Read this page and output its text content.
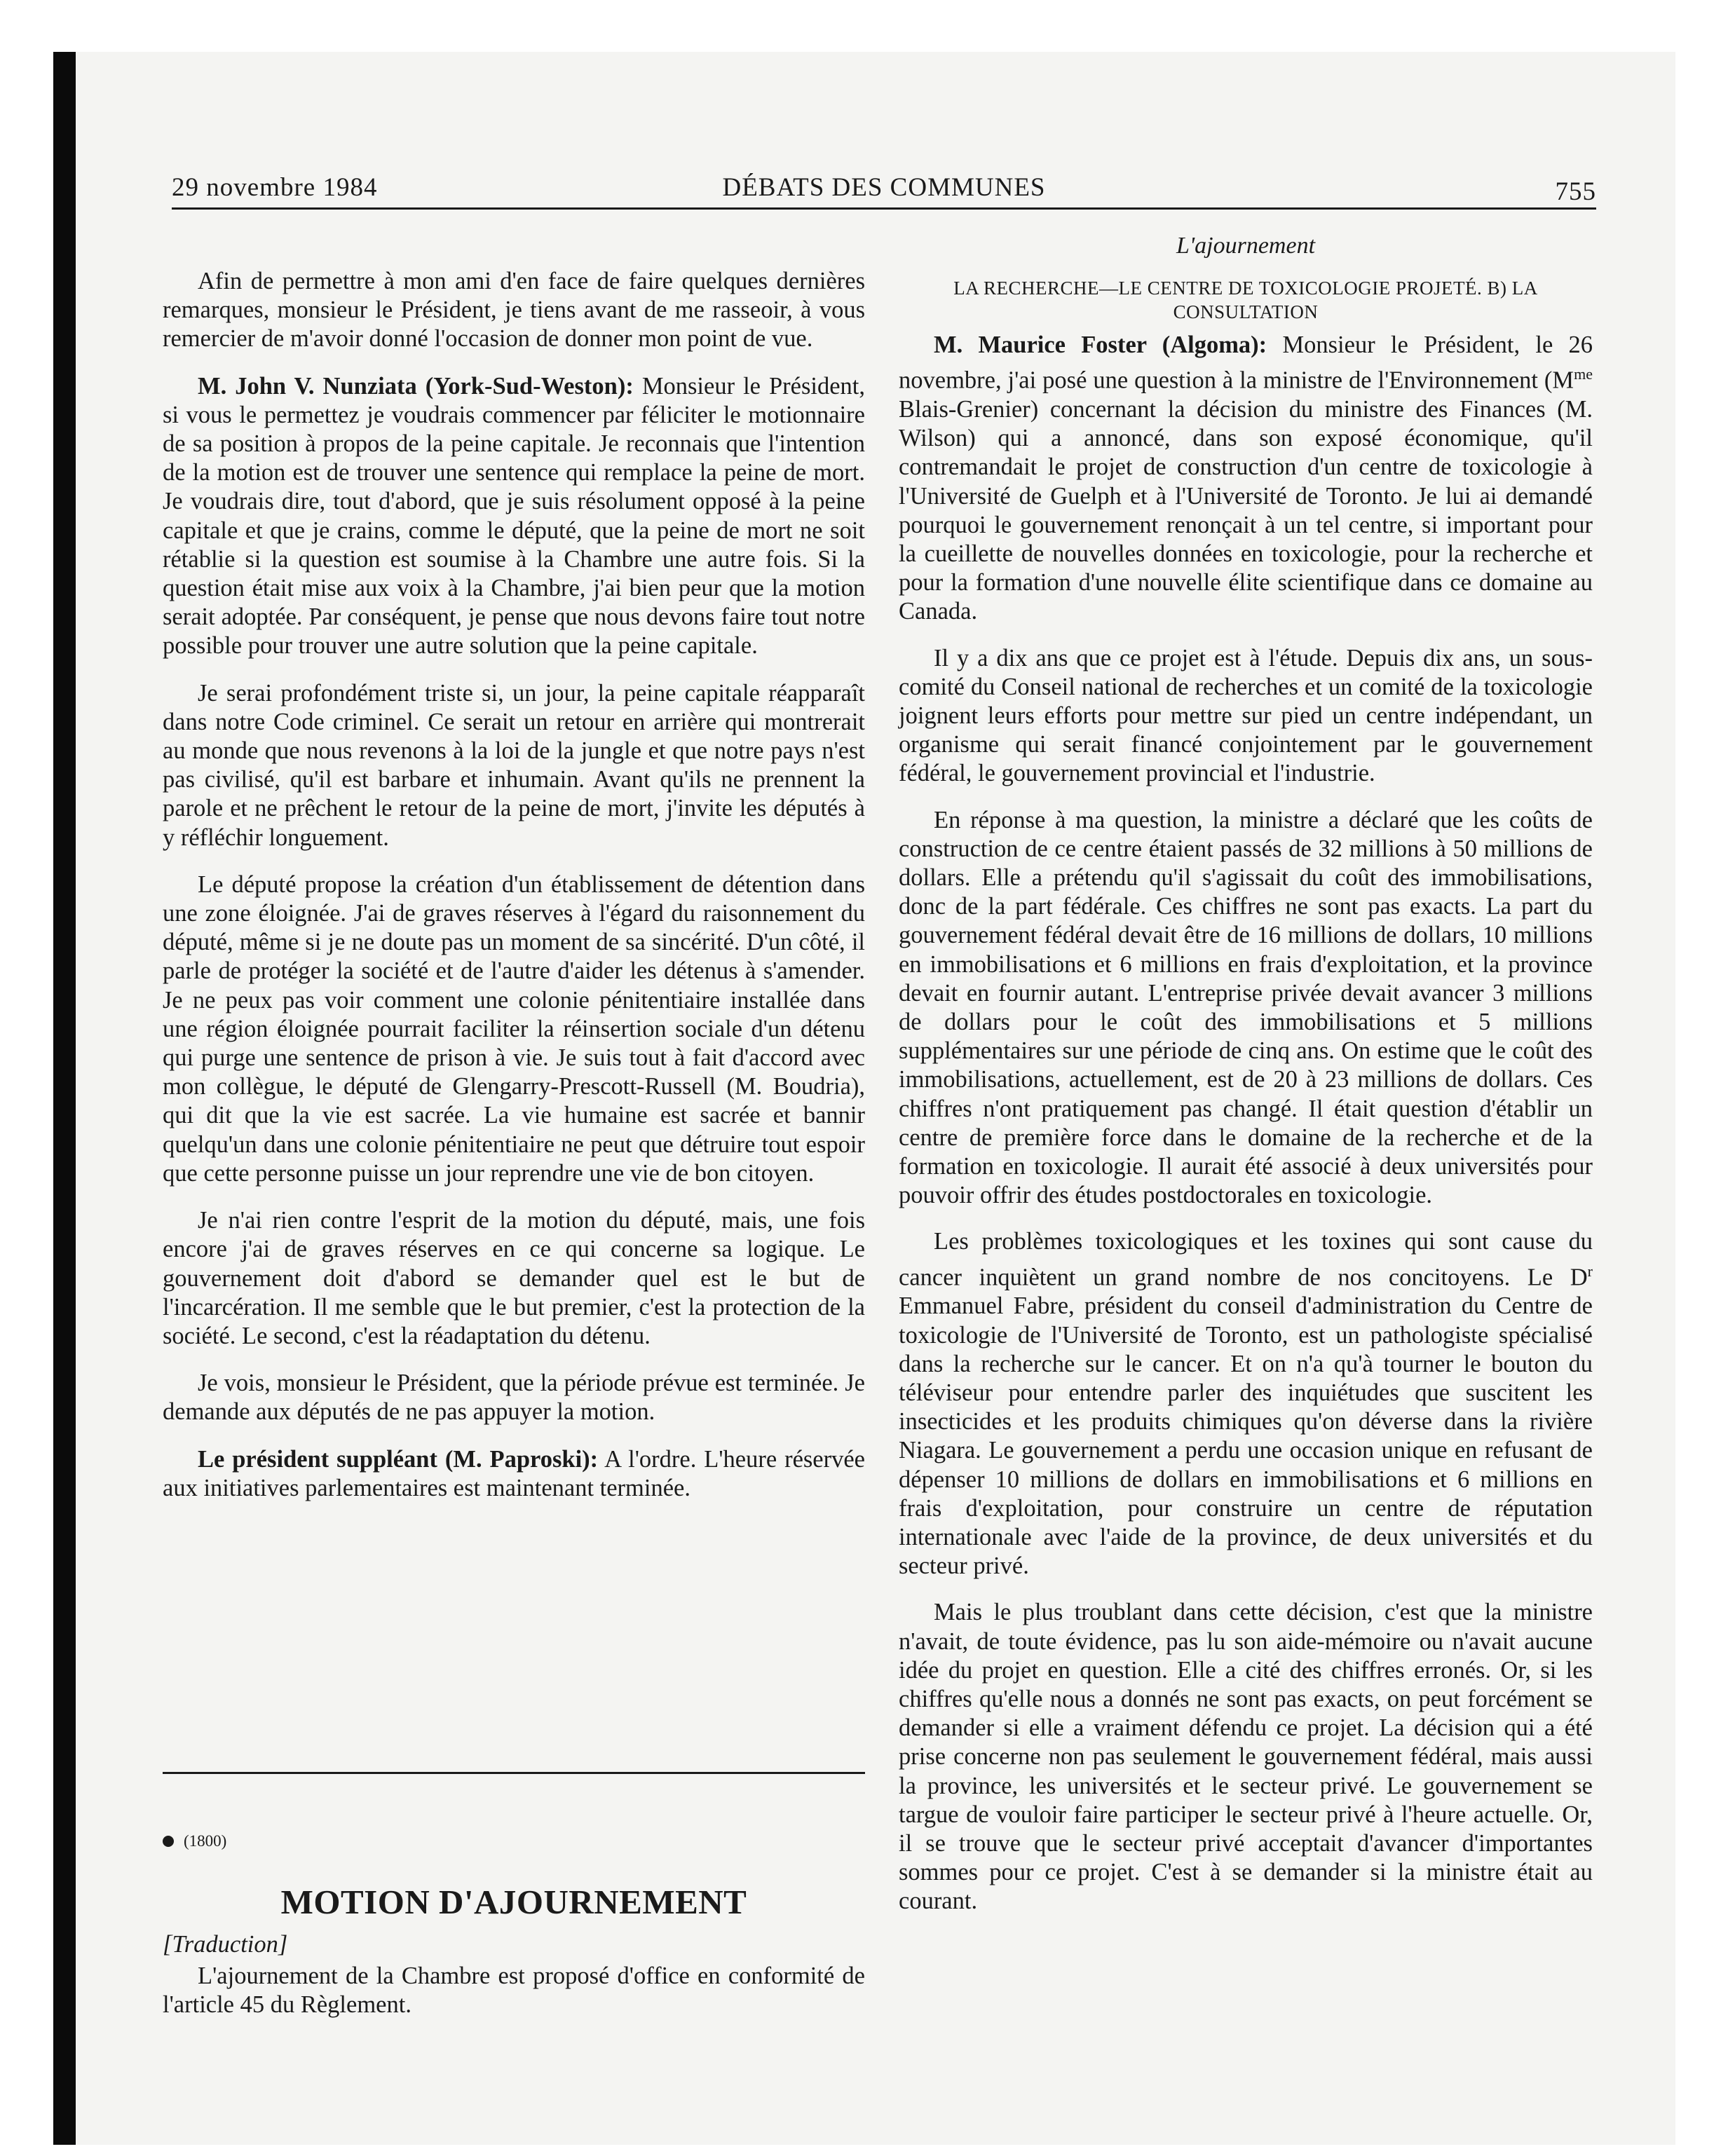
29 novembre 1984	DÉBATS DES COMMUNES	755

Afin de permettre à mon ami d'en face de faire quelques dernières remarques, monsieur le Président, je tiens avant de me rasseoir, à vous remercier de m'avoir donné l'occasion de donner mon point de vue.

M. John V. Nunziata (York-Sud-Weston): Monsieur le Président, si vous le permettez je voudrais commencer par féliciter le motionnaire de sa position à propos de la peine capitale. Je reconnais que l'intention de la motion est de trouver une sentence qui remplace la peine de mort. Je voudrais dire, tout d'abord, que je suis résolument opposé à la peine capitale et que je crains, comme le député, que la peine de mort ne soit rétablie si la question est soumise à la Chambre une autre fois. Si la question était mise aux voix à la Chambre, j'ai bien peur que la motion serait adoptée. Par conséquent, je pense que nous devons faire tout notre possible pour trouver une autre solution que la peine capitale.

Je serai profondément triste si, un jour, la peine capitale réapparaît dans notre Code criminel. Ce serait un retour en arrière qui montrerait au monde que nous revenons à la loi de la jungle et que notre pays n'est pas civilisé, qu'il est barbare et inhumain. Avant qu'ils ne prennent la parole et ne prêchent le retour de la peine de mort, j'invite les députés à y réfléchir longuement.

Le député propose la création d'un établissement de détention dans une zone éloignée. J'ai de graves réserves à l'égard du raisonnement du député, même si je ne doute pas un moment de sa sincérité. D'un côté, il parle de protéger la société et de l'autre d'aider les détenus à s'amender. Je ne peux pas voir comment une colonie pénitentiaire installée dans une région éloignée pourrait faciliter la réinsertion sociale d'un détenu qui purge une sentence de prison à vie. Je suis tout à fait d'accord avec mon collègue, le député de Glengarry-Prescott-Russell (M. Boudria), qui dit que la vie est sacrée. La vie humaine est sacrée et bannir quelqu'un dans une colonie pénitentiaire ne peut que détruire tout espoir que cette personne puisse un jour reprendre une vie de bon citoyen.

Je n'ai rien contre l'esprit de la motion du député, mais, une fois encore j'ai de graves réserves en ce qui concerne sa logique. Le gouvernement doit d'abord se demander quel est le but de l'incarcération. Il me semble que le but premier, c'est la protection de la société. Le second, c'est la réadaptation du détenu.

Je vois, monsieur le Président, que la période prévue est terminée. Je demande aux députés de ne pas appuyer la motion.

Le président suppléant (M. Paproski): A l'ordre. L'heure réservée aux initiatives parlementaires est maintenant terminée.

(1800)
MOTION D'AJOURNEMENT
[Traduction]

L'ajournement de la Chambre est proposé d'office en conformité de l'article 45 du Règlement.

L'ajournement
LA RECHERCHE—LE CENTRE DE TOXICOLOGIE PROJETÉ. B) LA CONSULTATION

M. Maurice Foster (Algoma): Monsieur le Président, le 26 novembre, j'ai posé une question à la ministre de l'Environnement ($M^{me}$ Blais-Grenier) concernant la décision du ministre des Finances (M. Wilson) qui a annoncé, dans son exposé économique, qu'il contremandait le projet de construction d'un centre de toxicologie à l'Université de Guelph et à l'Université de Toronto. Je lui ai demandé pourquoi le gouvernement renonçait à un tel centre, si important pour la cueillette de nouvelles données en toxicologie, pour la recherche et pour la formation d'une nouvelle élite scientifique dans ce domaine au Canada.

Il y a dix ans que ce projet est à l'étude. Depuis dix ans, un sous-comité du Conseil national de recherches et un comité de la toxicologie joignent leurs efforts pour mettre sur pied un centre indépendant, un organisme qui serait financé conjointement par le gouvernement fédéral, le gouvernement provincial et l'industrie.

En réponse à ma question, la ministre a déclaré que les coûts de construction de ce centre étaient passés de 32 millions à 50 millions de dollars. Elle a prétendu qu'il s'agissait du coût des immobilisations, donc de la part fédérale. Ces chiffres ne sont pas exacts. La part du gouvernement fédéral devait être de 16 millions de dollars, 10 millions en immobilisations et 6 millions en frais d'exploitation, et la province devait en fournir autant. L'entreprise privée devait avancer 3 millions de dollars pour le coût des immobilisations et 5 millions supplémentaires sur une période de cinq ans. On estime que le coût des immobilisations, actuellement, est de 20 à 23 millions de dollars. Ces chiffres n'ont pratiquement pas changé. Il était question d'établir un centre de première force dans le domaine de la recherche et de la formation en toxicologie. Il aurait été associé à deux universités pour pouvoir offrir des études postdoctorales en toxicologie.

Les problèmes toxicologiques et les toxines qui sont cause du cancer inquiètent un grand nombre de nos concitoyens. Le $D^r$ Emmanuel Fabre, président du conseil d'administration du Centre de toxicologie de l'Université de Toronto, est un pathologiste spécialisé dans la recherche sur le cancer. Et on n'a qu'à tourner le bouton du téléviseur pour entendre parler des inquiétudes que suscitent les insecticides et les produits chimiques qu'on déverse dans la rivière Niagara. Le gouvernement a perdu une occasion unique en refusant de dépenser 10 millions de dollars en immobilisations et 6 millions en frais d'exploitation, pour construire un centre de réputation internationale avec l'aide de la province, de deux universités et du secteur privé.

Mais le plus troublant dans cette décision, c'est que la ministre n'avait, de toute évidence, pas lu son aide-mémoire ou n'avait aucune idée du projet en question. Elle a cité des chiffres erronés. Or, si les chiffres qu'elle nous a donnés ne sont pas exacts, on peut forcément se demander si elle a vraiment défendu ce projet. La décision qui a été prise concerne non pas seulement le gouvernement fédéral, mais aussi la province, les universités et le secteur privé. Le gouvernement se targue de vouloir faire participer le secteur privé à l'heure actuelle. Or, il se trouve que le secteur privé acceptait d'avancer d'importantes sommes pour ce projet. C'est à se demander si la ministre était au courant.
